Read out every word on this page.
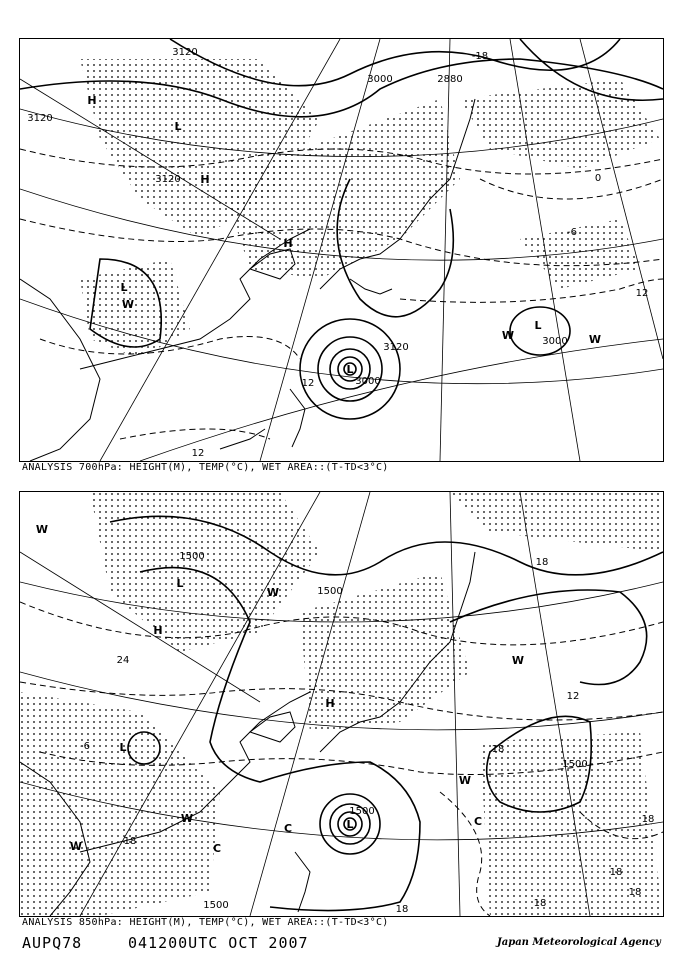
3120
3000
3000
2880
3120
3120
3120
3000
-18
0
-6
12
12
12
H
H
H
L
L
L
L
W
W	W
ANALYSIS 700hPa: HEIGHT(M), TEMP(°C), WET AREA::(T-TD<3°C)
1500
1500
1500
1500
1500
24
-6
18
18
18
12
18
18
18
18
18
H
H
L
L
L
W
W
W
W
W
W
C
C
C
ANALYSIS 850hPa: HEIGHT(M), TEMP(°C), WET AREA::(T-TD<3°C)
AUPQ78	041200UTC OCT 2007	Japan Meteorological Agency
